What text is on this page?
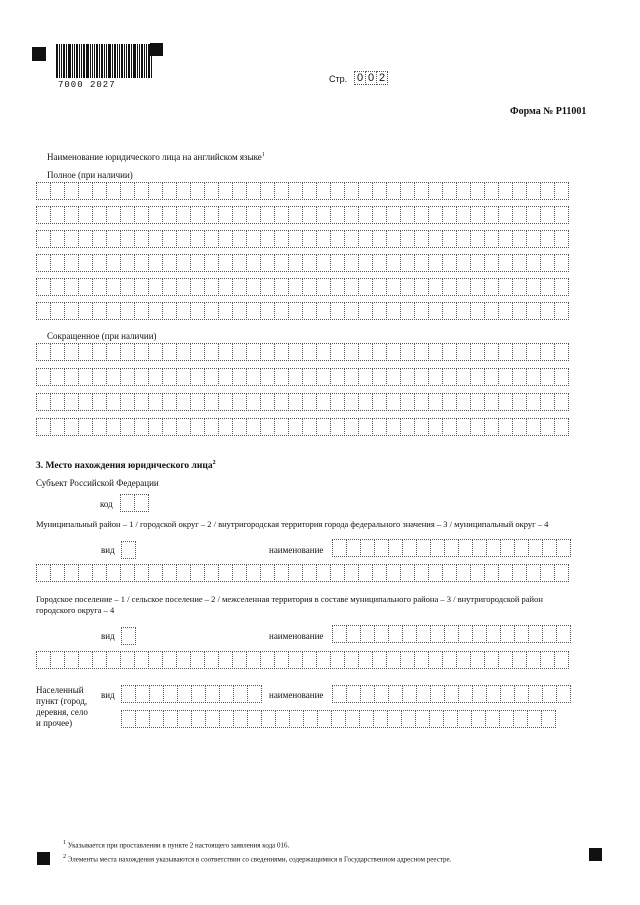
7000 2027
Стр. 0 0 2
Форма № Р11001
Наименование юридического лица на английском языке$^1$
Полное (при наличии)
Сокращенное (при наличии)
3. Место нахождения юридического лица$^2$
Субъект Российской Федерации
код
Муниципальный район – 1 / городской округ – 2 / внутригородская территория города федерального значения – 3 / муниципальный округ – 4
вид	наименование
Городское поселение – 1 / сельское поселение – 2 / межселенная территория в составе муниципального района – 3 / внутригородской район
городского округа – 4
вид	наименование
Населенный
пункт (город,
деревня, село
и прочее)
вид	наименование
$^1$ Указывается при проставлении в пункте 2 настоящего заявления кода 016.
$^2$ Элементы места нахождения указываются в соответствии со сведениями, содержащимися в Государственном адресном реестре.
